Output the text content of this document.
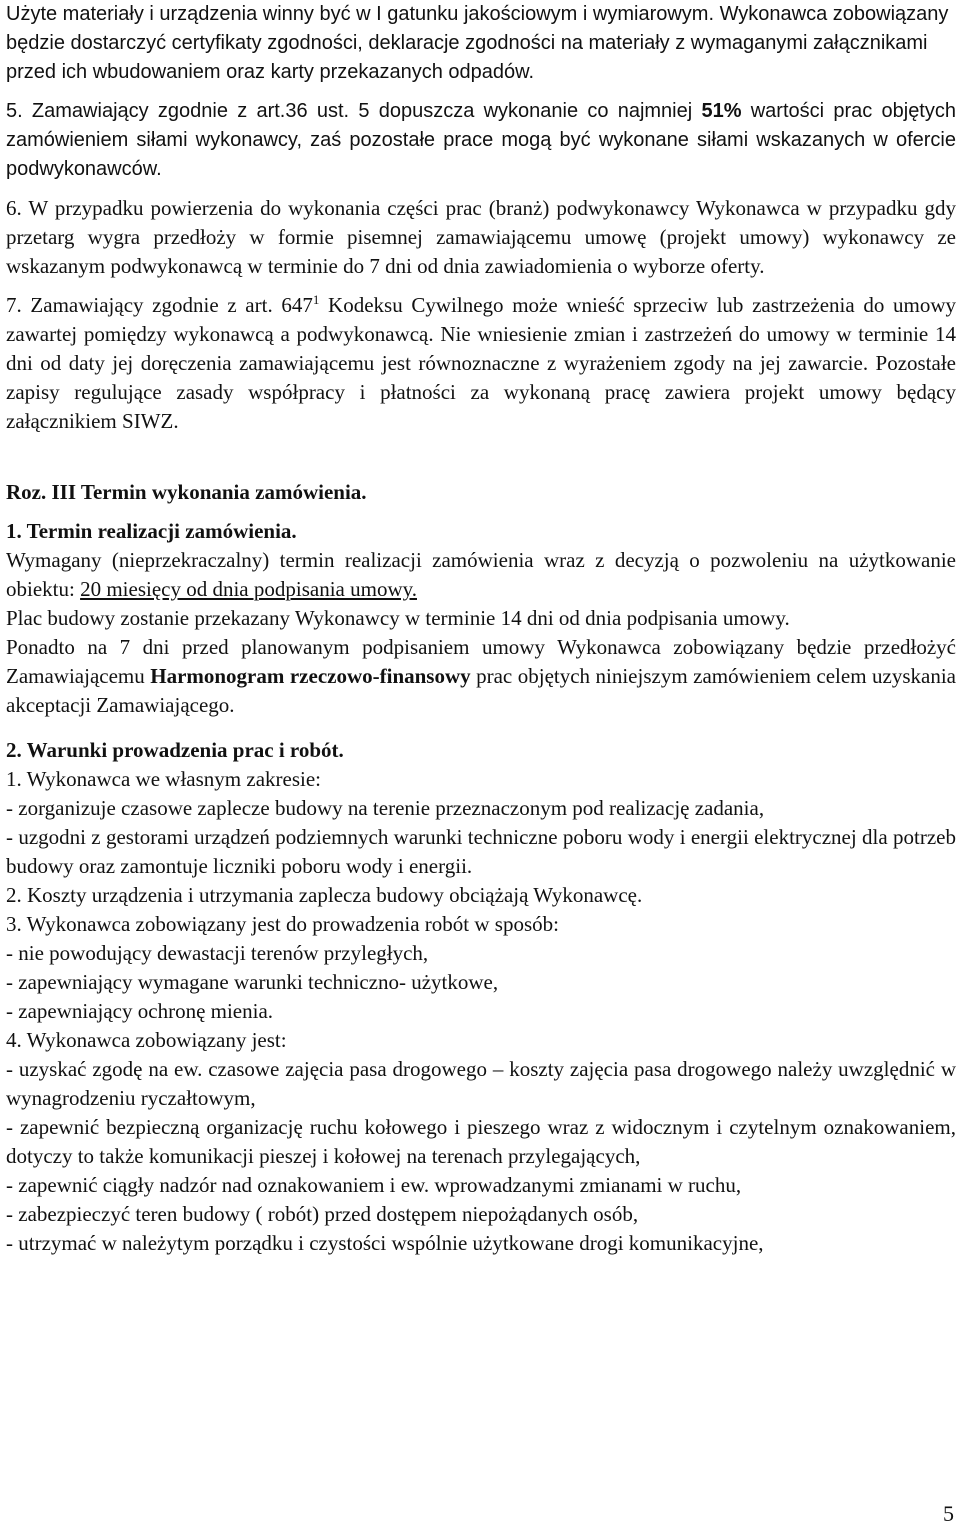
Użyte materiały i urządzenia winny być w I gatunku jakościowym i wymiarowym. Wykonawca zobowiązany będzie dostarczyć certyfikaty zgodności, deklaracje zgodności na materiały z wymaganymi załącznikami przed ich wbudowaniem oraz karty przekazanych odpadów.

5. Zamawiający zgodnie z art.36 ust. 5 dopuszcza wykonanie co najmniej 51% wartości prac objętych zamówieniem siłami wykonawcy, zaś pozostałe prace mogą być wykonane siłami wskazanych w ofercie podwykonawców.

6. W przypadku powierzenia do wykonania części prac (branż) podwykonawcy Wykonawca w przypadku gdy przetarg wygra przedłoży w formie pisemnej zamawiającemu umowę (projekt umowy) wykonawcy ze wskazanym podwykonawcą w terminie do 7 dni od dnia zawiadomienia o wyborze oferty.

7. Zamawiający zgodnie z art. $647^1$ Kodeksu Cywilnego może wnieść sprzeciw lub zastrzeżenia do umowy zawartej pomiędzy wykonawcą a podwykonawcą. Nie wniesienie zmian i zastrzeżeń do umowy w terminie 14 dni od daty jej doręczenia zamawiającemu jest równoznaczne z wyrażeniem zgody na jej zawarcie. Pozostałe zapisy regulujące zasady współpracy i płatności za wykonaną pracę zawiera projekt umowy będący załącznikiem SIWZ.

Roz. III Termin wykonania zamówienia.

1. Termin realizacji zamówienia.

Wymagany (nieprzekraczalny) termin realizacji zamówienia wraz z decyzją o pozwoleniu na użytkowanie obiektu: 20 miesięcy od dnia podpisania umowy.

Plac budowy zostanie przekazany Wykonawcy w terminie 14 dni od dnia podpisania umowy.

Ponadto na 7 dni przed planowanym podpisaniem umowy Wykonawca zobowiązany będzie przedłożyć Zamawiającemu Harmonogram rzeczowo-finansowy prac objętych niniejszym zamówieniem celem uzyskania akceptacji Zamawiającego.

2. Warunki prowadzenia prac i robót.

1. Wykonawca we własnym zakresie:

- zorganizuje czasowe zaplecze budowy na terenie przeznaczonym pod realizację zadania,

- uzgodni z gestorami urządzeń podziemnych warunki techniczne poboru wody i energii elektrycznej dla potrzeb budowy oraz zamontuje liczniki poboru wody i energii.

2. Koszty urządzenia i utrzymania zaplecza budowy obciążają Wykonawcę.

3. Wykonawca zobowiązany jest do prowadzenia robót w sposób:

- nie powodujący dewastacji terenów przyległych,

- zapewniający wymagane warunki techniczno- użytkowe,

- zapewniający ochronę mienia.

4. Wykonawca zobowiązany jest:

- uzyskać zgodę na ew. czasowe zajęcia pasa drogowego – koszty zajęcia pasa drogowego należy uwzględnić w wynagrodzeniu ryczałtowym,

- zapewnić bezpieczną organizację ruchu kołowego i pieszego wraz z widocznym i czytelnym oznakowaniem, dotyczy to także komunikacji pieszej i kołowej na terenach przylegających,

- zapewnić ciągły nadzór nad oznakowaniem i ew. wprowadzanymi zmianami w ruchu,

- zabezpieczyć teren budowy ( robót) przed dostępem niepożądanych osób,

- utrzymać w należytym porządku i czystości wspólnie użytkowane drogi komunikacyjne,

5
